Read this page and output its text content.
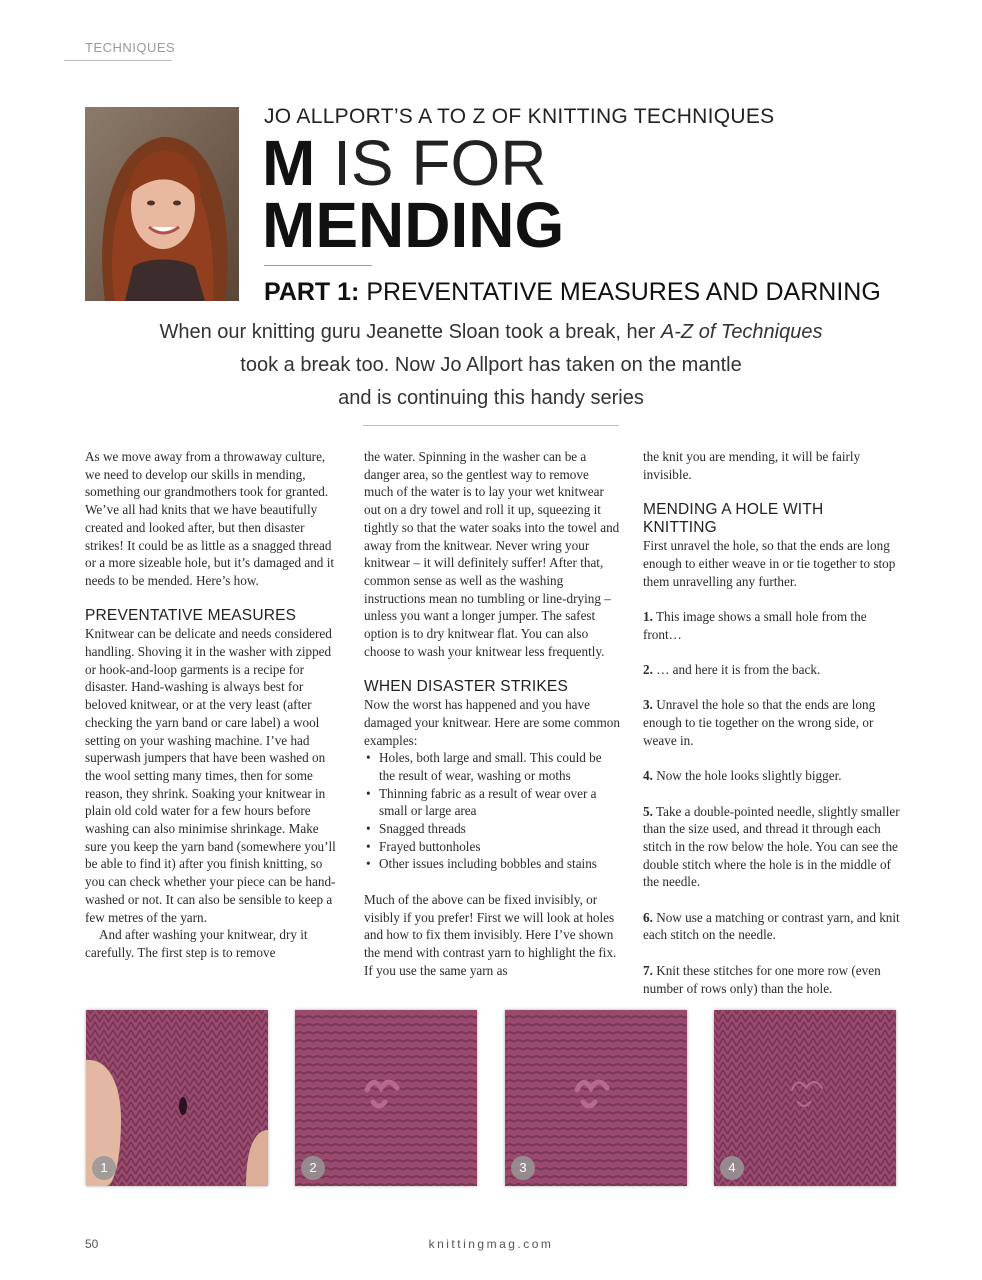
TECHNIQUES
JO ALLPORT’S A TO Z OF KNITTING TECHNIQUES
M IS FOR
MENDING
PART 1: PREVENTATIVE MEASURES AND DARNING
When our knitting guru Jeanette Sloan took a break, her A-Z of Techniques
took a break too. Now Jo Allport has taken on the mantle
and is continuing this handy series

As we move away from a throwaway culture, we need to develop our skills in mending, something our grandmothers took for granted. We’ve all had knits that we have beautifully created and looked after, but then disaster strikes! It could be as little as a snagged thread or a more sizeable hole, but it’s damaged and it needs to be mended. Here’s how.

PREVENTATIVE MEASURES

Knitwear can be delicate and needs considered handling. Shoving it in the washer with zipped or hook-and-loop garments is a recipe for disaster. Hand-washing is always best for beloved knitwear, or at the very least (after checking the yarn band or care label) a wool setting on your washing machine. I’ve had superwash jumpers that have been washed on the wool setting many times, then for some reason, they shrink. Soaking your knitwear in plain old cold water for a few hours before washing can also minimise shrinkage. Make sure you keep the yarn band (somewhere you’ll be able to find it) after you finish knitting, so you can check whether your piece can be hand-washed or not. It can also be sensible to keep a few metres of the yarn.

And after washing your knitwear, dry it carefully. The first step is to remove

the water. Spinning in the washer can be a danger area, so the gentlest way to remove much of the water is to lay your wet knitwear out on a dry towel and roll it up, squeezing it tightly so that the water soaks into the towel and away from the knitwear. Never wring your knitwear – it will definitely suffer! After that, common sense as well as the washing instructions mean no tumbling or line-drying – unless you want a longer jumper. The safest option is to dry knitwear flat. You can also choose to wash your knitwear less frequently.

WHEN DISASTER STRIKES

Now the worst has happened and you have damaged your knitwear. Here are some common examples:

• Holes, both large and small. This could be the result of wear, washing or moths
• Thinning fabric as a result of wear over a small or large area
• Snagged threads
• Frayed buttonholes
• Other issues including bobbles and stains

Much of the above can be fixed invisibly, or visibly if you prefer! First we will look at holes and how to fix them invisibly. Here I’ve shown the mend with contrast yarn to highlight the fix. If you use the same yarn as

the knit you are mending, it will be fairly invisible.

MENDING A HOLE WITH KNITTING

First unravel the hole, so that the ends are long enough to either weave in or tie together to stop them unravelling any further.

1. This image shows a small hole from the front…

2. … and here it is from the back.

3. Unravel the hole so that the ends are long enough to tie together on the wrong side, or weave in.

4. Now the hole looks slightly bigger.

5. Take a double-pointed needle, slightly smaller than the size used, and thread it through each stitch in the row below the hole. You can see the double stitch where the hole is in the middle of the needle.

6. Now use a matching or contrast yarn, and knit each stitch on the needle.

7. Knit these stitches for one more row (even number of rows only) than the hole.

1	2	3	4
50	knittingmag.com
